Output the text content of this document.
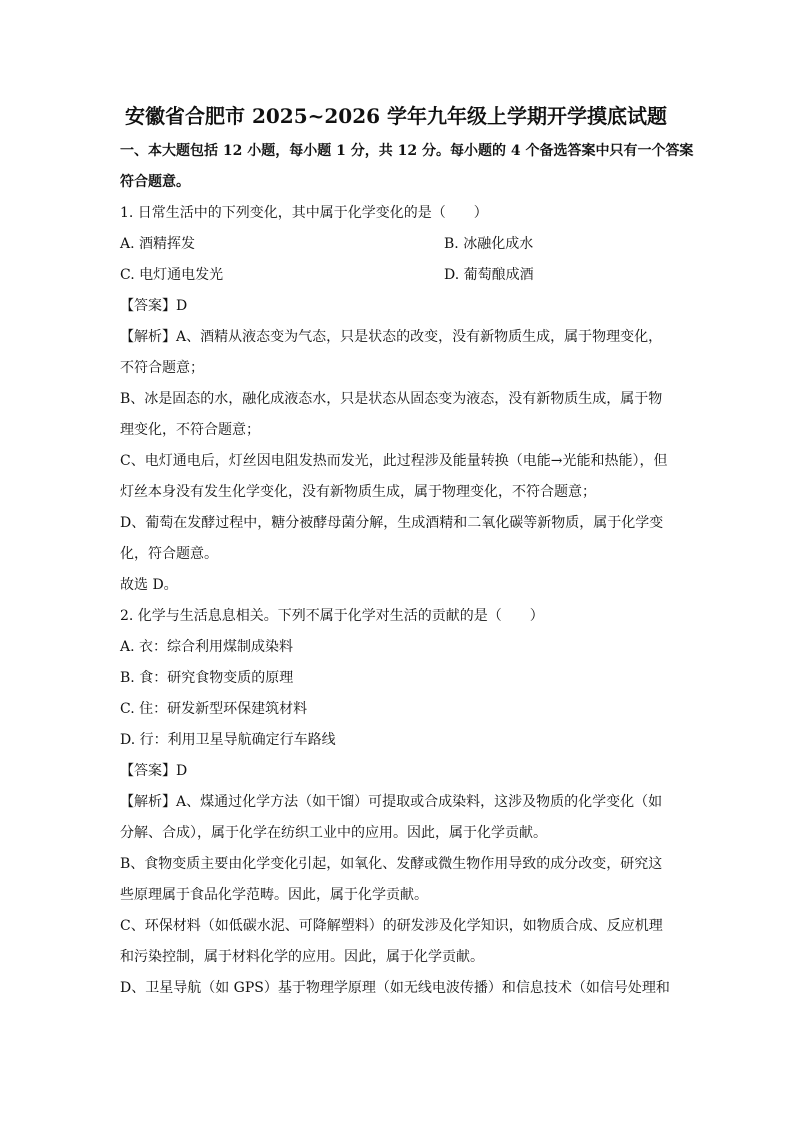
安徽省合肥市 2025~2026 学年九年级上学期开学摸底试题
一、本大题包括 12 小题，每小题 1 分，共 12 分。每小题的 4 个备选答案中只有一个答案
符合题意。
1. 日常生活中的下列变化，其中属于化学变化的是（　　）
A. 酒精挥发	B. 冰融化成水
C. 电灯通电发光	D. 葡萄酿成酒
【答案】D
【解析】A、酒精从液态变为气态，只是状态的改变，没有新物质生成，属于物理变化，
不符合题意；
B、冰是固态的水，融化成液态水，只是状态从固态变为液态，没有新物质生成，属于物
理变化，不符合题意；
C、电灯通电后，灯丝因电阻发热而发光，此过程涉及能量转换（电能→光能和热能），但
灯丝本身没有发生化学变化，没有新物质生成，属于物理变化，不符合题意；
D、葡萄在发酵过程中，糖分被酵母菌分解，生成酒精和二氧化碳等新物质，属于化学变
化，符合题意。
故选 D。
2. 化学与生活息息相关。下列不属于化学对生活的贡献的是（　　）
A. 衣：综合利用煤制成染料
B. 食：研究食物变质的原理
C. 住：研发新型环保建筑材料
D. 行：利用卫星导航确定行车路线
【答案】D
【解析】A、煤通过化学方法（如干馏）可提取或合成染料，这涉及物质的化学变化（如
分解、合成），属于化学在纺织工业中的应用。因此，属于化学贡献。
B、食物变质主要由化学变化引起，如氧化、发酵或微生物作用导致的成分改变，研究这
些原理属于食品化学范畴。因此，属于化学贡献。
C、环保材料（如低碳水泥、可降解塑料）的研发涉及化学知识，如物质合成、反应机理
和污染控制，属于材料化学的应用。因此，属于化学贡献。
D、卫星导航（如 GPS）基于物理学原理（如无线电波传播）和信息技术（如信号处理和
